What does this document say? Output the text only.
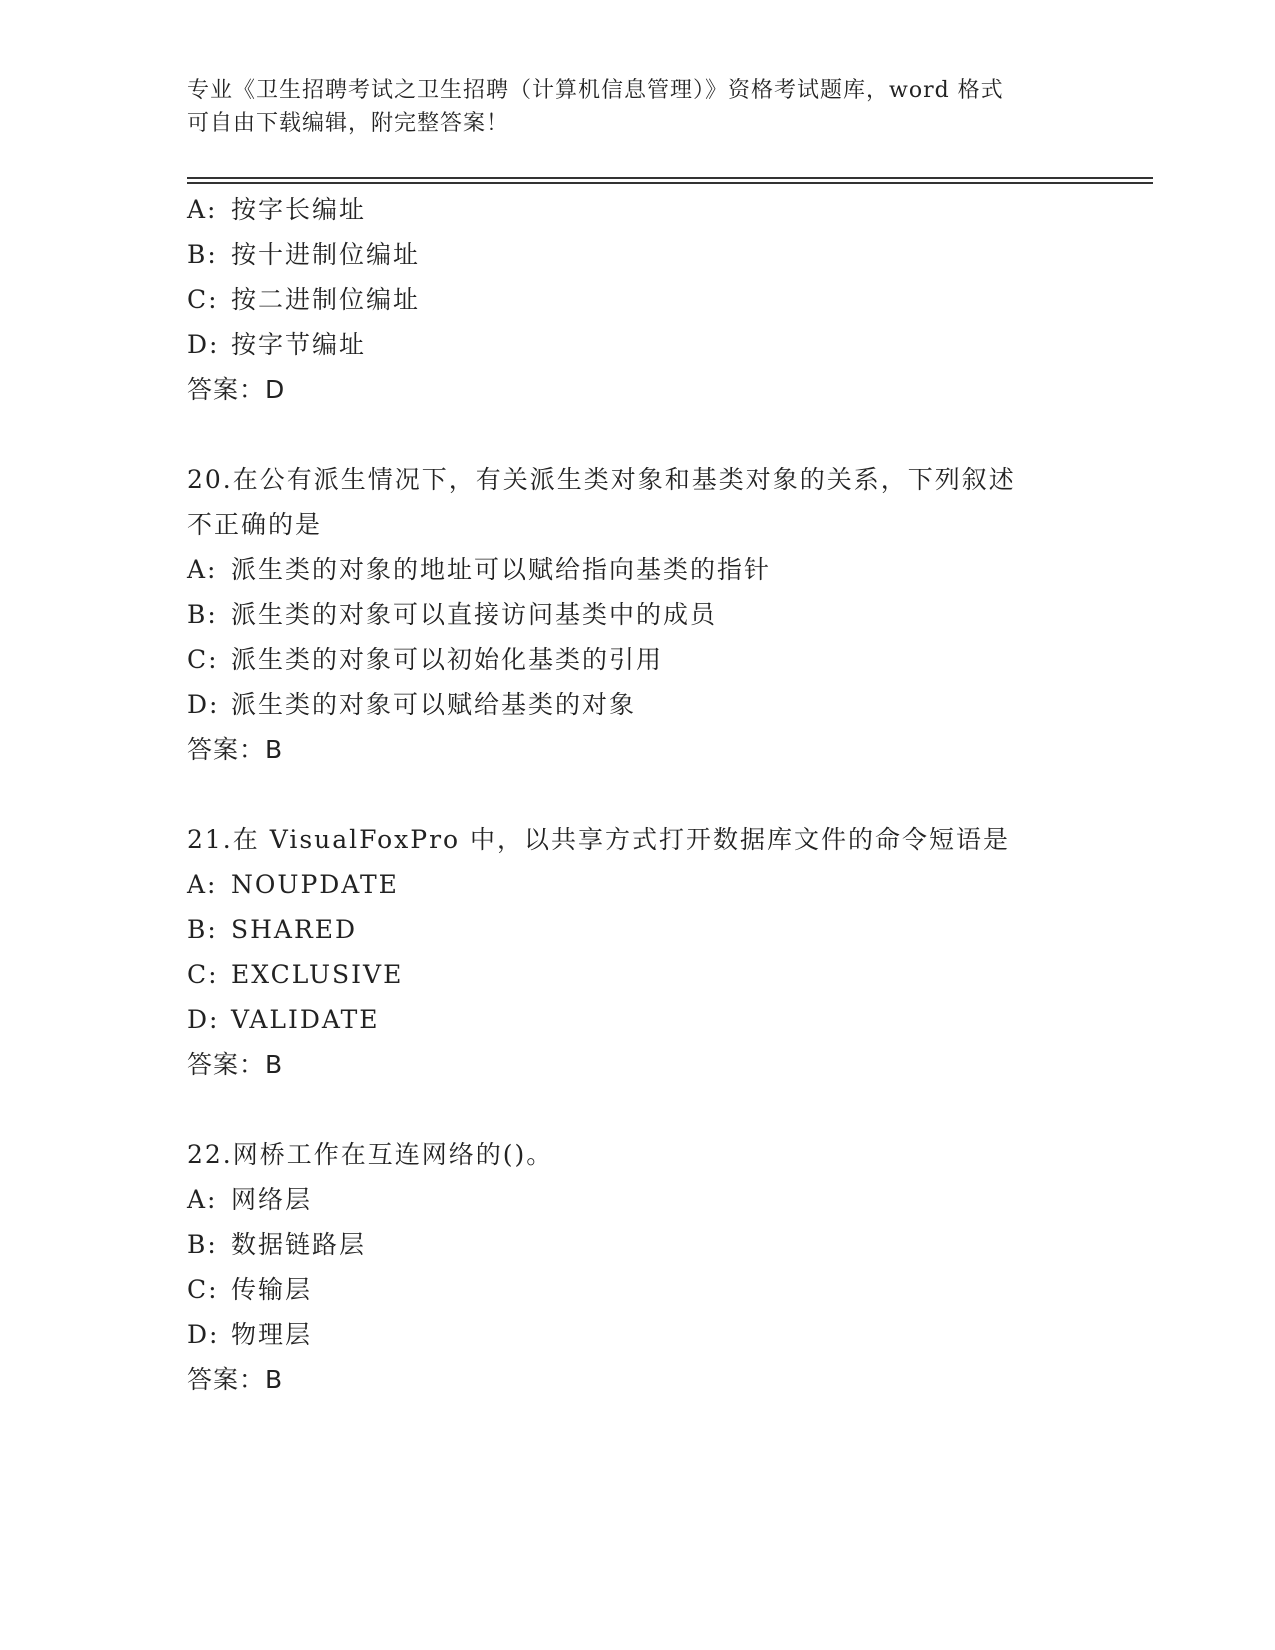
专业《卫生招聘考试之卫生招聘（计算机信息管理）》资格考试题库，word 格式
可自由下载编辑，附完整答案！
A: 按字长编址
B: 按十进制位编址
C: 按二进制位编址
D: 按字节编址
答案：D
20.在公有派生情况下，有关派生类对象和基类对象的关系，下列叙述
不正确的是
A: 派生类的对象的地址可以赋给指向基类的指针
B: 派生类的对象可以直接访问基类中的成员
C: 派生类的对象可以初始化基类的引用
D: 派生类的对象可以赋给基类的对象
答案：B
21.在 VisualFoxPro 中，以共享方式打开数据库文件的命令短语是
A: NOUPDATE
B: SHARED
C: EXCLUSIVE
D: VALIDATE
答案：B
22.网桥工作在互连网络的()。
A: 网络层
B: 数据链路层
C: 传输层
D: 物理层
答案：B
